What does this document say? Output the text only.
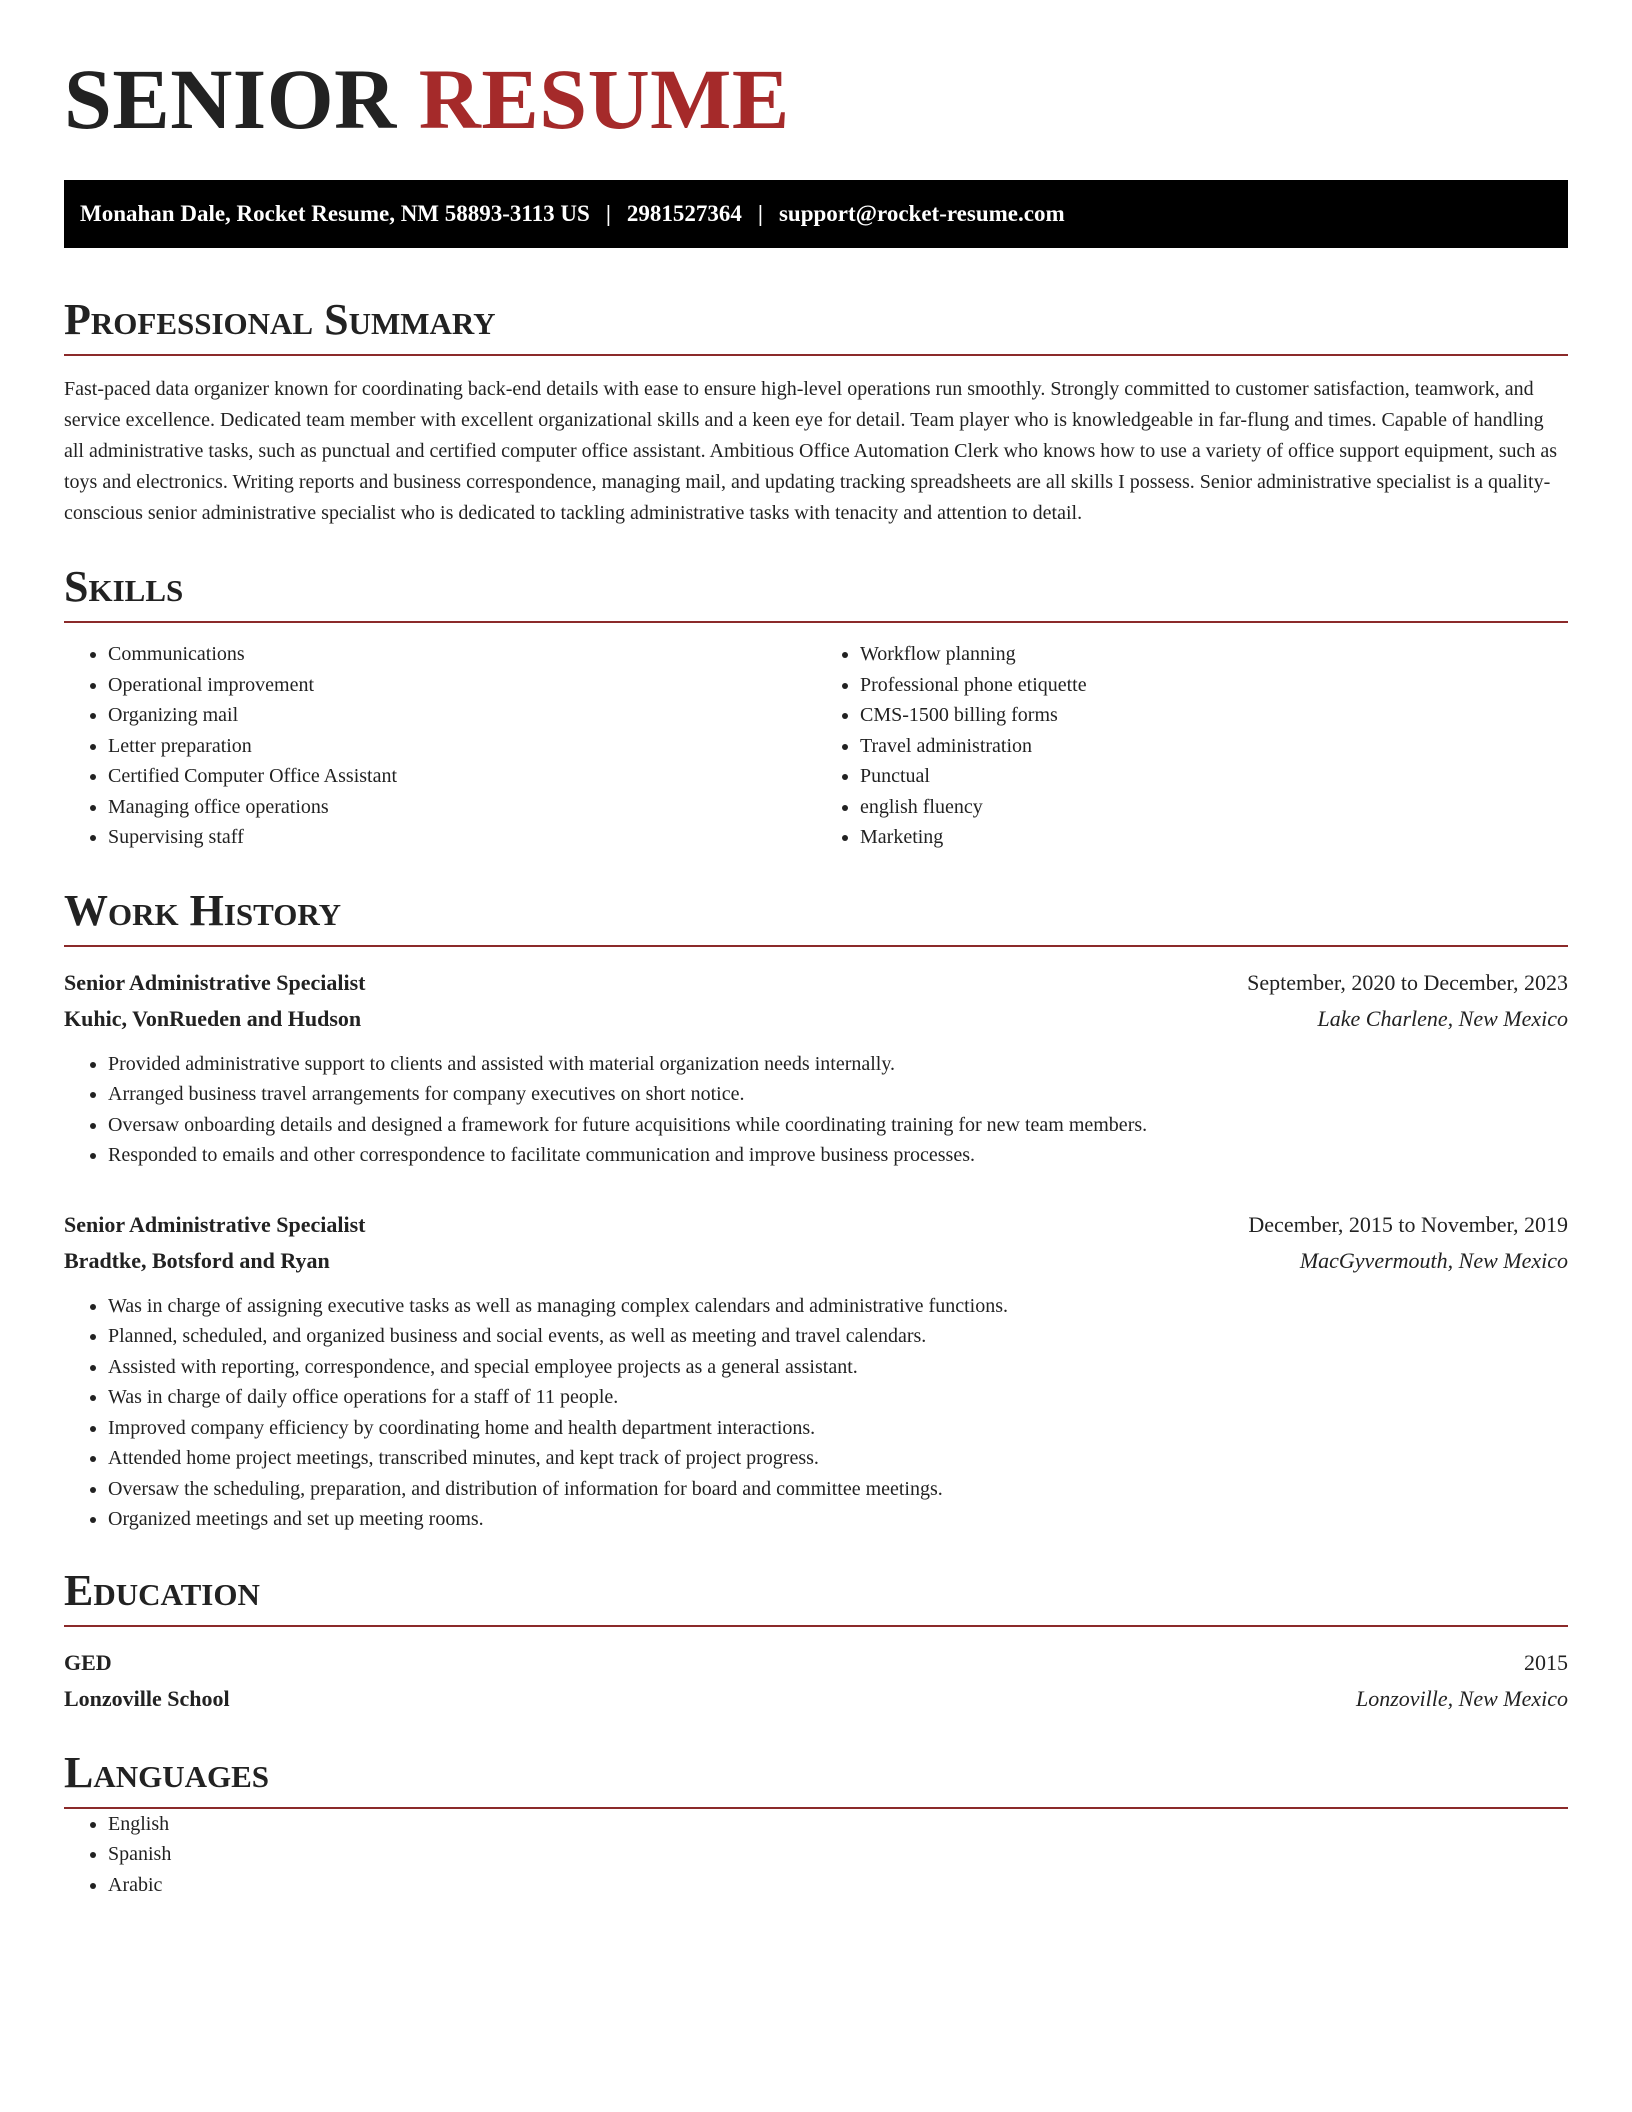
SENIOR RESUME
Monahan Dale, Rocket Resume, NM 58893-3113 US | 2981527364 | support@rocket-resume.com
Professional Summary

Fast-paced data organizer known for coordinating back-end details with ease to ensure high-level operations run smoothly. Strongly committed to customer satisfaction, teamwork, and service excellence. Dedicated team member with excellent organizational skills and a keen eye for detail. Team player who is knowledgeable in far-flung and times. Capable of handling all administrative tasks, such as punctual and certified computer office assistant. Ambitious Office Automation Clerk who knows how to use a variety of office support equipment, such as toys and electronics. Writing reports and business correspondence, managing mail, and updating tracking spreadsheets are all skills I possess. Senior administrative specialist is a quality-conscious senior administrative specialist who is dedicated to tackling administrative tasks with tenacity and attention to detail.

Skills
• Communications
• Operational improvement
• Organizing mail
• Letter preparation
• Certified Computer Office Assistant
• Managing office operations
• Supervising staff
• Workflow planning
• Professional phone etiquette
• CMS-1500 billing forms
• Travel administration
• Punctual
• english fluency
• Marketing
Work History
Senior Administrative Specialist	September, 2020 to December, 2023
Kuhic, VonRueden and Hudson	Lake Charlene, New Mexico
• Provided administrative support to clients and assisted with material organization needs internally.
• Arranged business travel arrangements for company executives on short notice.
• Oversaw onboarding details and designed a framework for future acquisitions while coordinating training for new team members.
• Responded to emails and other correspondence to facilitate communication and improve business processes.
Senior Administrative Specialist	December, 2015 to November, 2019
Bradtke, Botsford and Ryan	MacGyvermouth, New Mexico
• Was in charge of assigning executive tasks as well as managing complex calendars and administrative functions.
• Planned, scheduled, and organized business and social events, as well as meeting and travel calendars.
• Assisted with reporting, correspondence, and special employee projects as a general assistant.
• Was in charge of daily office operations for a staff of 11 people.
• Improved company efficiency by coordinating home and health department interactions.
• Attended home project meetings, transcribed minutes, and kept track of project progress.
• Oversaw the scheduling, preparation, and distribution of information for board and committee meetings.
• Organized meetings and set up meeting rooms.
Education
GED	2015
Lonzoville School	Lonzoville, New Mexico
Languages
• English
• Spanish
• Arabic
